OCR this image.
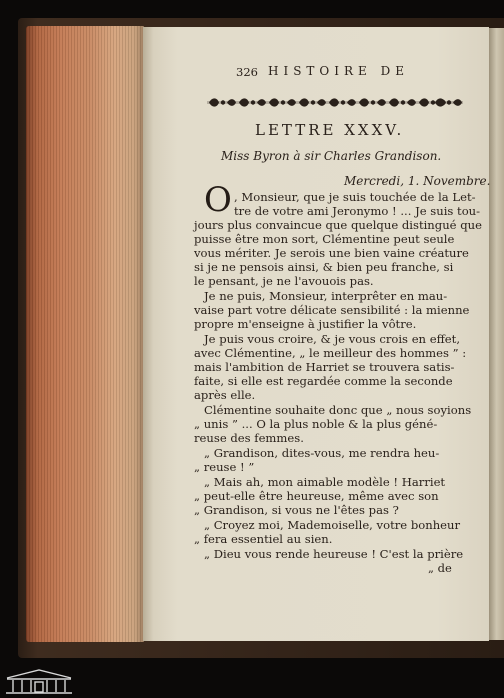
326 HISTOIRE DE
LETTRE XXXV.
Miss Byron à sir Charles Grandison.
Mercredi, 1. Novembre.
O , Monsieur, que je suis touchée de la Let-
tre de votre ami Jeronymo ! ... Je suis tou-
jours plus convaincue que quelque distingué que
puisse être mon sort, Clémentine peut seule
vous mériter. Je serois une bien vaine créature
si je ne pensois ainsi, & bien peu franche, si
le pensant, je ne l'avouois pas.
Je ne puis, Monsieur, interprêter en mau-
vaise part votre délicate sensibilité : la mienne
propre m'enseigne à justifier la vôtre.
Je puis vous croire, & je vous crois en effet,
avec Clémentine, „ le meilleur des hommes ” :
mais l'ambition de Harriet se trouvera satis-
faite, si elle est regardée comme la seconde
après elle.
Clémentine souhaite donc que „ nous soyions
„ unis ” ... O la plus noble & la plus géné-
reuse des femmes.
„ Grandison, dites-vous, me rendra heu-
„ reuse ! ”
„ Mais ah, mon aimable modèle ! Harriet
„ peut-elle être heureuse, même avec son
„ Grandison, si vous ne l'êtes pas ?
„ Croyez moi, Mademoiselle, votre bonheur
„ fera essentiel au sien.
„ Dieu vous rende heureuse ! C'est la prière
„ de
